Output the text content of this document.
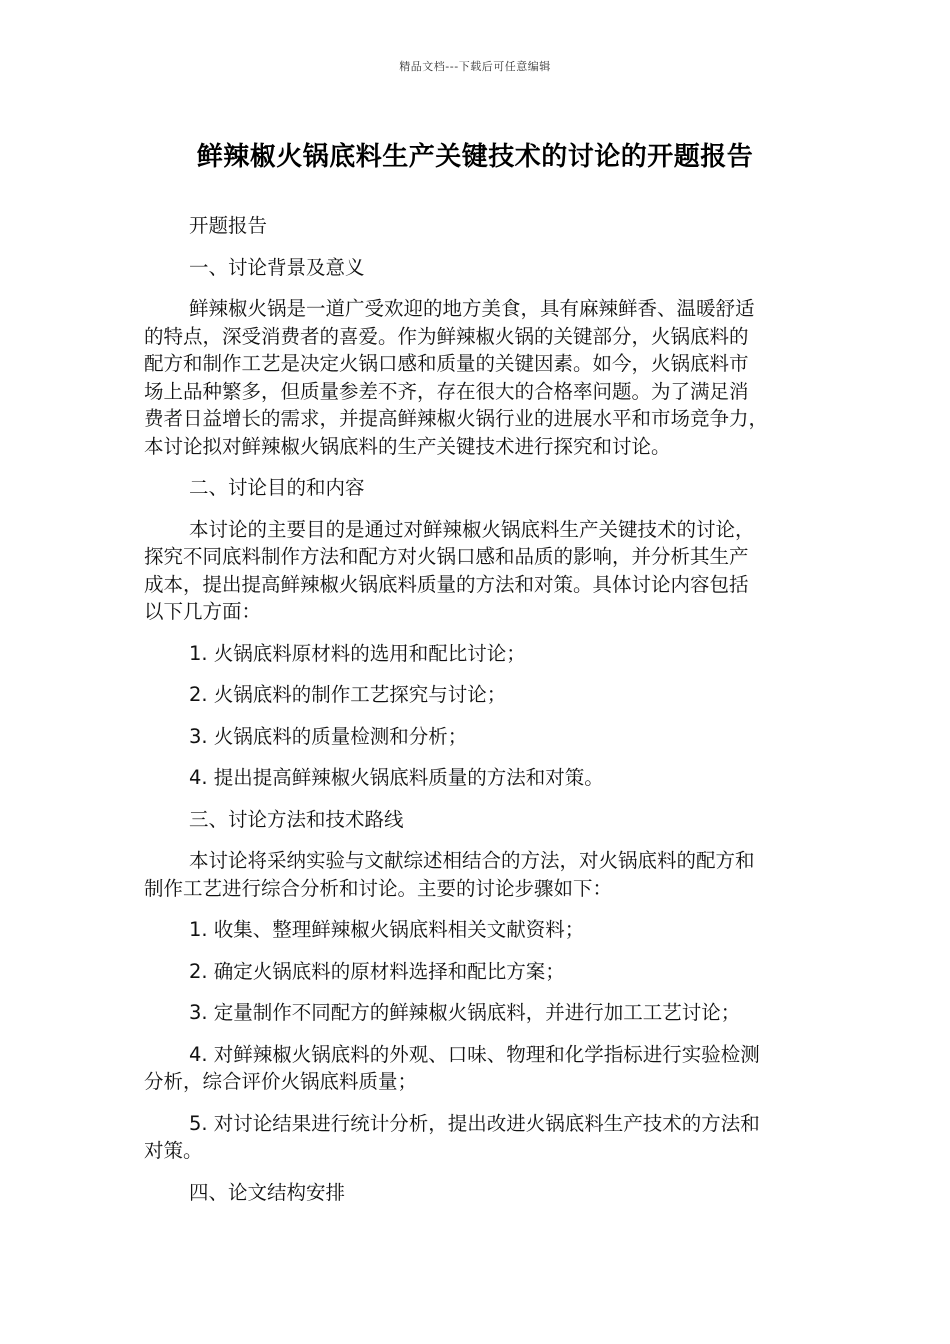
精品文档---下载后可任意编辑
鲜辣椒火锅底料生产关键技术的讨论的开题报告
开题报告
一、讨论背景及意义
鲜辣椒火锅是一道广受欢迎的地方美食，具有麻辣鲜香、温暖舒适
的特点，深受消费者的喜爱。作为鲜辣椒火锅的关键部分，火锅底料的
配方和制作工艺是决定火锅口感和质量的关键因素。如今，火锅底料市
场上品种繁多，但质量参差不齐，存在很大的合格率问题。为了满足消
费者日益增长的需求，并提高鲜辣椒火锅行业的进展水平和市场竞争力，
本讨论拟对鲜辣椒火锅底料的生产关键技术进行探究和讨论。
二、讨论目的和内容
本讨论的主要目的是通过对鲜辣椒火锅底料生产关键技术的讨论，
探究不同底料制作方法和配方对火锅口感和品质的影响，并分析其生产
成本，提出提高鲜辣椒火锅底料质量的方法和对策。具体讨论内容包括
以下几方面：
1. 火锅底料原材料的选用和配比讨论；
2. 火锅底料的制作工艺探究与讨论；
3. 火锅底料的质量检测和分析；
4. 提出提高鲜辣椒火锅底料质量的方法和对策。
三、讨论方法和技术路线
本讨论将采纳实验与文献综述相结合的方法，对火锅底料的配方和
制作工艺进行综合分析和讨论。主要的讨论步骤如下：
1. 收集、整理鲜辣椒火锅底料相关文献资料；
2. 确定火锅底料的原材料选择和配比方案；
3. 定量制作不同配方的鲜辣椒火锅底料，并进行加工工艺讨论；
4. 对鲜辣椒火锅底料的外观、口味、物理和化学指标进行实验检测
分析，综合评价火锅底料质量；
5. 对讨论结果进行统计分析，提出改进火锅底料生产技术的方法和
对策。
四、论文结构安排
